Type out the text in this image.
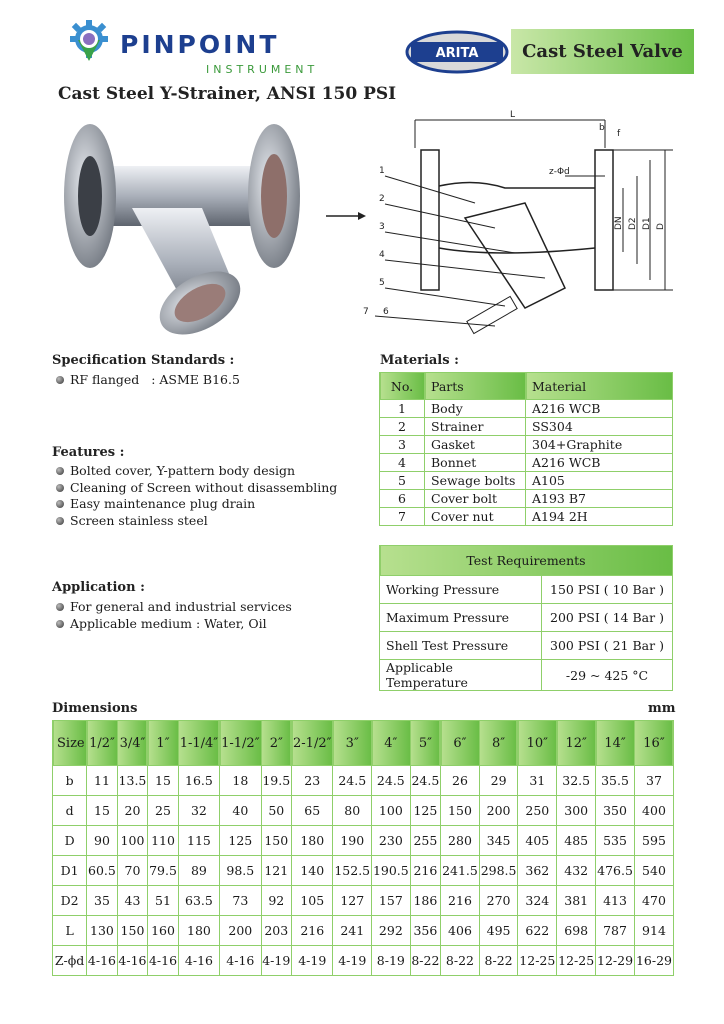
PINPOINT
INSTRUMENT
ARITA	Cast Steel Valve
Cast Steel Y-Strainer, ANSI 150 PSI
L
b
f
z-Φd
DN D2 D1 D
1
2
3
4
5
7 6
Specification Standards :
RF flanged   : ASME B16.5
Features :
Bolted cover, Y-pattern body design
Cleaning of Screen without disassembling
Easy maintenance plug drain
Screen stainless steel
Application :
For general and industrial services
Applicable medium : Water, Oil
Materials :
No.	Parts	Material
1	Body	A216 WCB
2	Strainer	SS304
3	Gasket	304+Graphite
4	Bonnet	A216 WCB
5	Sewage bolts	A105
6	Cover bolt	A193 B7
7	Cover nut	A194 2H
Test Requirements	
Working Pressure	150 PSI ( 10 Bar )
Maximum Pressure	200 PSI ( 14 Bar )
Shell Test Pressure	300 PSI ( 21 Bar )
Applicable Temperature	-29 ~ 425 °C
Dimensions	mm
Size	1/2″	3/4″	1″	1-1/4″	1-1/2″	2″	2-1/2″	3″	4″	5″	6″	8″	10″	12″	14″	16″
b	11	13.5	15	16.5	18	19.5	23	24.5	24.5	24.5	26	29	31	32.5	35.5	37
d	15	20	25	32	40	50	65	80	100	125	150	200	250	300	350	400
D	90	100	110	115	125	150	180	190	230	255	280	345	405	485	535	595
D1	60.5	70	79.5	89	98.5	121	140	152.5	190.5	216	241.5	298.5	362	432	476.5	540
D2	35	43	51	63.5	73	92	105	127	157	186	216	270	324	381	413	470
L	130	150	160	180	200	203	216	241	292	356	406	495	622	698	787	914
Z-ϕd	4-16	4-16	4-16	4-16	4-16	4-19	4-19	4-19	8-19	8-22	8-22	8-22	12-25	12-25	12-29	16-29
